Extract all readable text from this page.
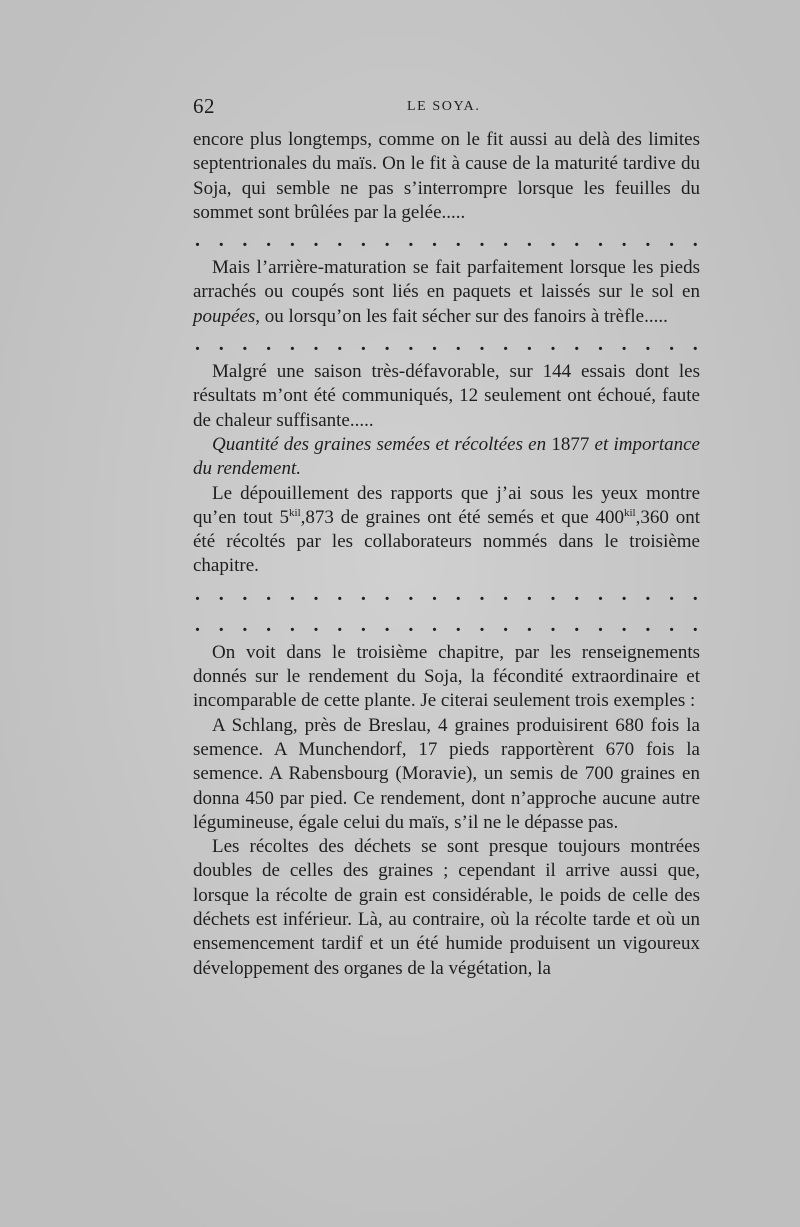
62	LE SOYA.

encore plus longtemps, comme on le fit aussi au delà des limites septentrionales du maïs. On le fit à cause de la maturité tardive du Soja, qui semble ne pas s’interrompre lorsque les feuilles du sommet sont brûlées par la gelée.....

. . . . . . . . . . . . . . . . . . . . . .

Mais l’arrière-maturation se fait parfaitement lorsque les pieds arrachés ou coupés sont liés en paquets et laissés sur le sol en poupées, ou lorsqu’on les fait sécher sur des fanoirs à trèfle.....

. . . . . . . . . . . . . . . . . . . . . .

Malgré une saison très-défavorable, sur 144 essais dont les résultats m’ont été communiqués, 12 seulement ont échoué, faute de chaleur suffisante.....

Quantité des graines semées et récoltées en 1877 et importance du rendement.

Le dépouillement des rapports que j’ai sous les yeux montre qu’en tout $5^{kil},873$ de graines ont été semés et que $400^{kil},360$ ont été récoltés par les collaborateurs nommés dans le troisième chapitre.

. . . . . . . . . . . . . . . . . . . . . .
. . . . . . . . . . . . . . . . . . . . . .

On voit dans le troisième chapitre, par les renseignements donnés sur le rendement du Soja, la fécondité extraordinaire et incomparable de cette plante. Je citerai seulement trois exemples :

A Schlang, près de Breslau, 4 graines produisirent 680 fois la semence. A Munchendorf, 17 pieds rapportèrent 670 fois la semence. A Rabensbourg (Moravie), un semis de 700 graines en donna 450 par pied. Ce rendement, dont n’approche aucune autre légumineuse, égale celui du maïs, s’il ne le dépasse pas.

Les récoltes des déchets se sont presque toujours montrées doubles de celles des graines ; cependant il arrive aussi que, lorsque la récolte de grain est considérable, le poids de celle des déchets est inférieur. Là, au contraire, où la récolte tarde et où un ensemencement tardif et un été humide produisent un vigoureux développement des organes de la végétation, la
